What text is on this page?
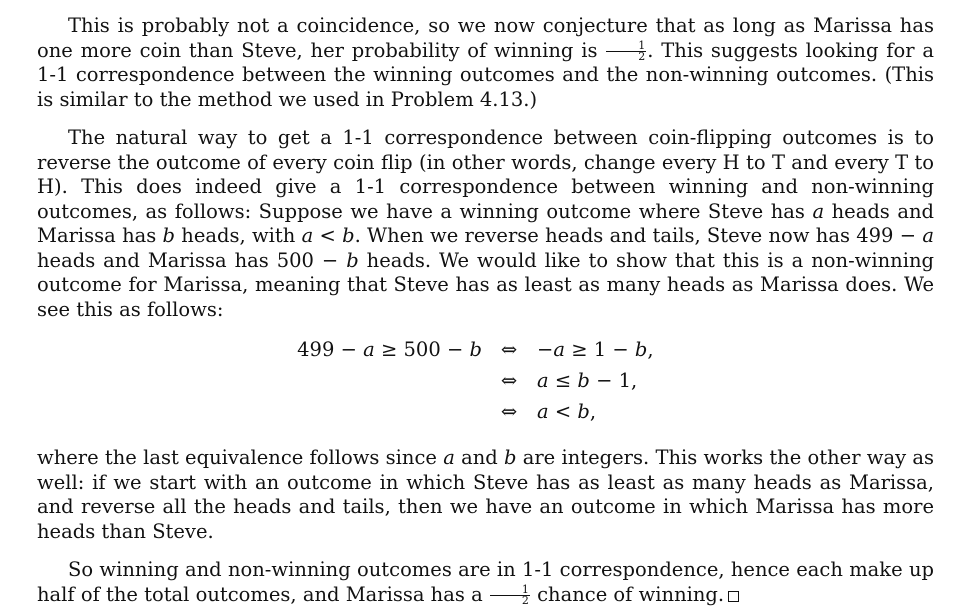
This is probably not a coincidence, so we now conjecture that as long as Marissa has one more coin than Steve, her probability of winning is $\frac{1}{2}$ . This suggests looking for a 1-1 correspondence between the winning outcomes and the non-winning outcomes. (This is similar to the method we used in Problem 4.13.)

The natural way to get a 1-1 correspondence between coin-flipping outcomes is to reverse the outcome of every coin flip (in other words, change every H to T and every T to H). This does indeed give a 1-1 correspondence between winning and non-winning outcomes, as follows: Suppose we have a winning outcome where Steve has a heads and Marissa has b heads, with a < b. When we reverse heads and tails, Steve now has 499 − a heads and Marissa has 500 − b heads. We would like to show that this is a non-winning outcome for Marissa, meaning that Steve has as least as many heads as Marissa does. We see this as follows:

499 − a ≥ 500 − b ⇔ −a ≥ 1 − b,
⇔ a ≤ b − 1,
⇔ a < b,

where the last equivalence follows since a and b are integers. This works the other way as well: if we start with an outcome in which Steve has as least as many heads as Marissa, and reverse all the heads and tails, then we have an outcome in which Marissa has more heads than Steve.

So winning and non-winning outcomes are in 1-1 correspondence, hence each make up half of the total outcomes, and Marissa has a $\frac{1}{2}$ chance of winning.
